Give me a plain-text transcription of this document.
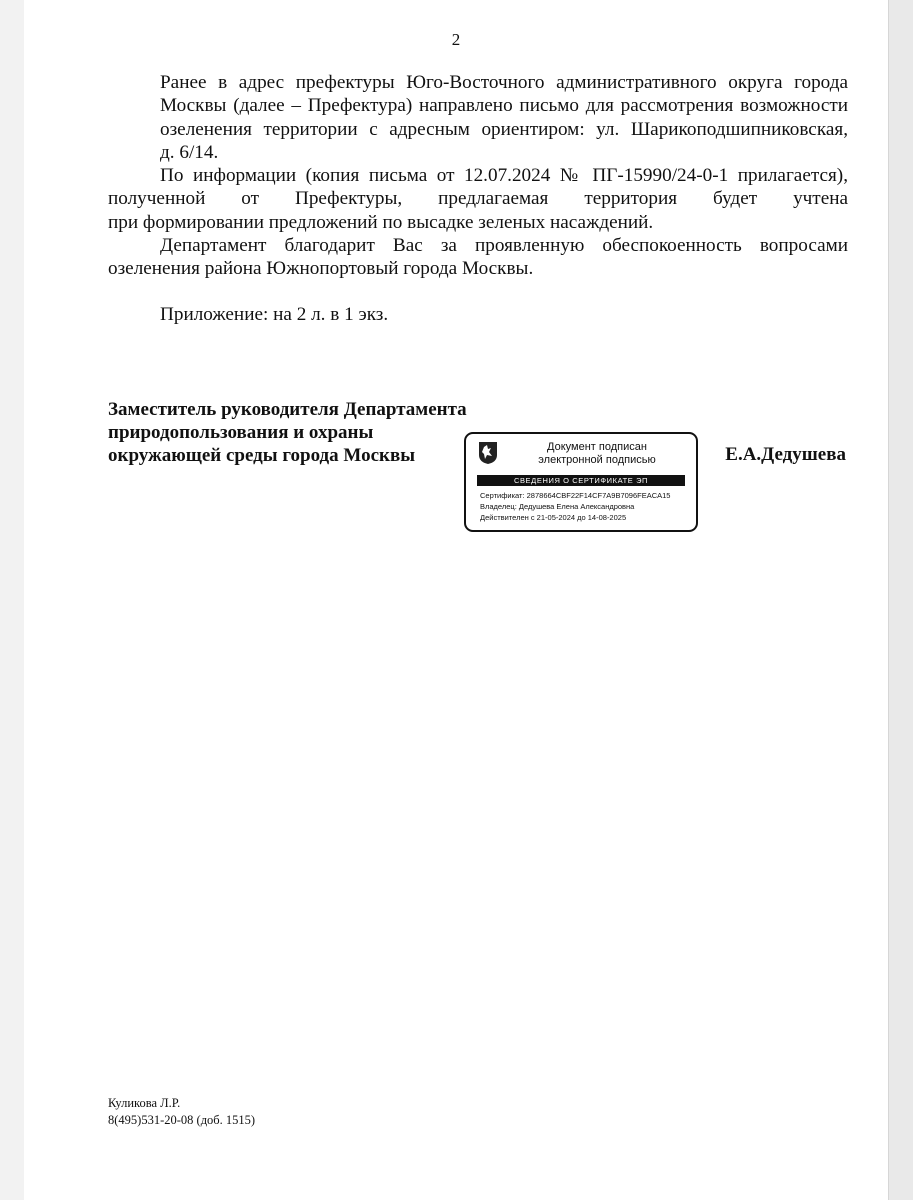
2

Ранее в адрес префектуры Юго-Восточного административного округа города
Москвы (далее – Префектура) направлено письмо для рассмотрения возможности
озеленения территории с адресным ориентиром: ул. Шарикоподшипниковская,
д. 6/14.

По информации (копия письма от 12.07.2024 № ПГ-15990/24-0-1 прилагается),
полученной от Префектуры, предлагаемая территория будет учтена
при формировании предложений по высадке зеленых насаждений.

Департамент благодарит Вас за проявленную обеспокоенность вопросами
озеленения района Южнопортовый города Москвы.

Приложение: на 2 л. в 1 экз.
Заместитель руководителя Департамента
природопользования и охраны
окружающей среды города Москвы	Документ подписан
электронной подписью
СВЕДЕНИЯ О СЕРТИФИКАТЕ ЭП
Сертификат: 2878664CBF22F14CF7A9B7096FEACA15
Владелец: Дедушева Елена Александровна
Действителен с 21-05-2024 до 14-08-2025
Е.А.Дедушева
Куликова Л.Р.
8(495)531-20-08 (доб. 1515)
